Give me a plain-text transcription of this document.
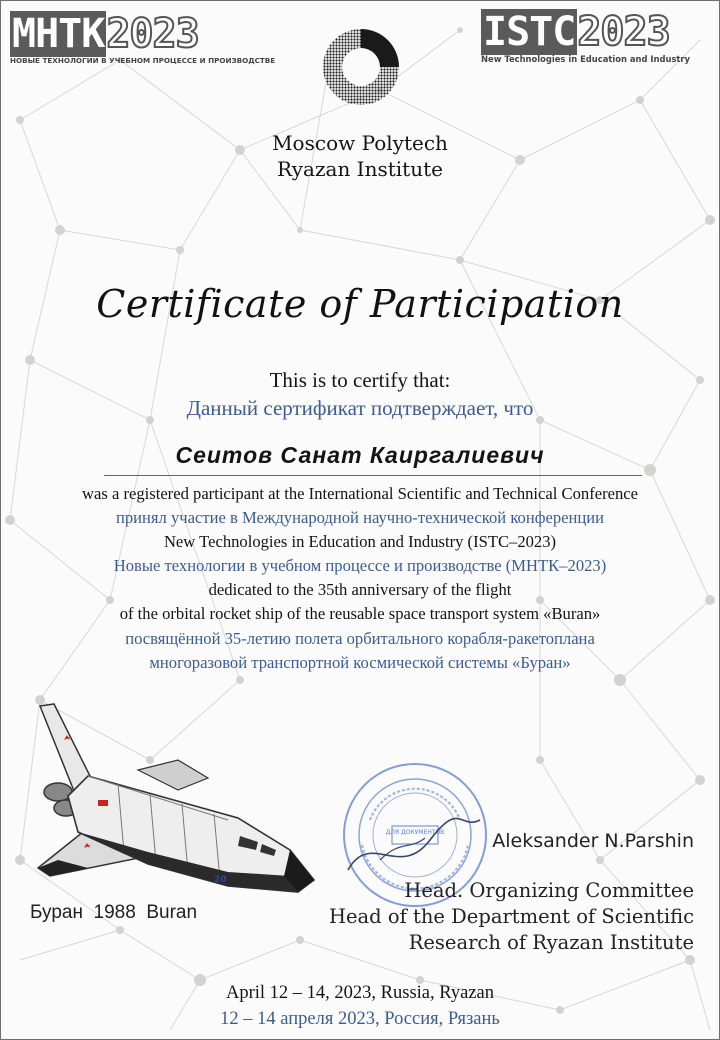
МНТК2023
НОВЫЕ ТЕХНОЛОГИИ В УЧЕБНОМ ПРОЦЕССЕ И ПРОИЗВОДСТВЕ
ISTC2023
New Technologies in Education and Industry
Moscow Polytech
Ryazan Institute
Certificate of Participation
This is to certify that:
Данный сертификат подтверждает, что
Сеитов Санат Каиргалиевич
was a registered participant at the International Scientific and Technical Conference
принял участие в Международной научно-технической конференции
New Technologies in Education and Industry (ISTC–2023)
Новые технологии в учебном процессе и производстве (МНТК–2023)
dedicated to the 35th anniversary of the flight
of the orbital rocket ship of the reusable space transport system «Buran»
посвящённой 35-летию полета орбитального корабля-ракетоплана
многоразовой транспортной космической системы «Буран»
20
Буран  1988  Buran
ДЛЯ ДОКУМЕНТОВ	Aleksander N.Parshin
Head. Organizing Committee
Head of the Department of Scientific
Research of Ryazan Institute
April 12 – 14, 2023, Russia, Ryazan
12 – 14 апреля 2023, Россия, Рязань
